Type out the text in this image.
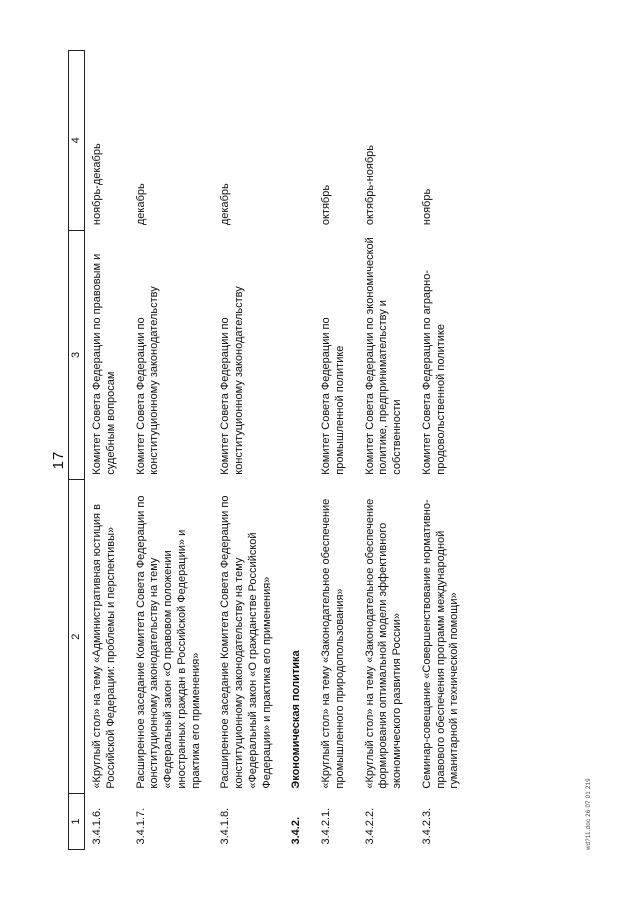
17
1	2	3	4
3.4.1.6.	«Круглый стол» на тему «Административная юстиция в Российской Федерации: проблемы и перспективы»	Комитет Совета Федерации по правовым и судебным вопросам	ноябрь-декабрь
3.4.1.7.	Расширенное заседание Комитета Совета Федерации по конституционному законодательству на тему «Федеральный закон «О правовом положении иностранных граждан в Российской Федерации» и практика его применения»	Комитет Совета Федерации по конституционному законодательству	декабрь
3.4.1.8.	Расширенное заседание Комитета Совета Федерации по конституционному законодательству на тему «Федеральный закон «О гражданстве Российской Федерации» и практика его применения»	Комитет Совета Федерации по конституционному законодательству	декабрь
3.4.2.	Экономическая политика		
3.4.2.1.	«Круглый стол» на тему «Законодательное обеспечение промышленного природопользования»	Комитет Совета Федерации по промышленной политике	октябрь
3.4.2.2.	«Круглый стол» на тему «Законодательное обеспечение формирования оптимальной модели эффективного экономического развития России»	Комитет Совета Федерации по экономической политике, предпринимательству и собственности	октябрь-ноябрь
3.4.2.3.	Семинар-совещание «Совершенствование нормативно-правового обеспечения программ международной гуманитарной и технической помощи»	Комитет Совета Федерации по аграрно-продовольственной политике	ноябрь
wd?11.doc 26 07 01 219
